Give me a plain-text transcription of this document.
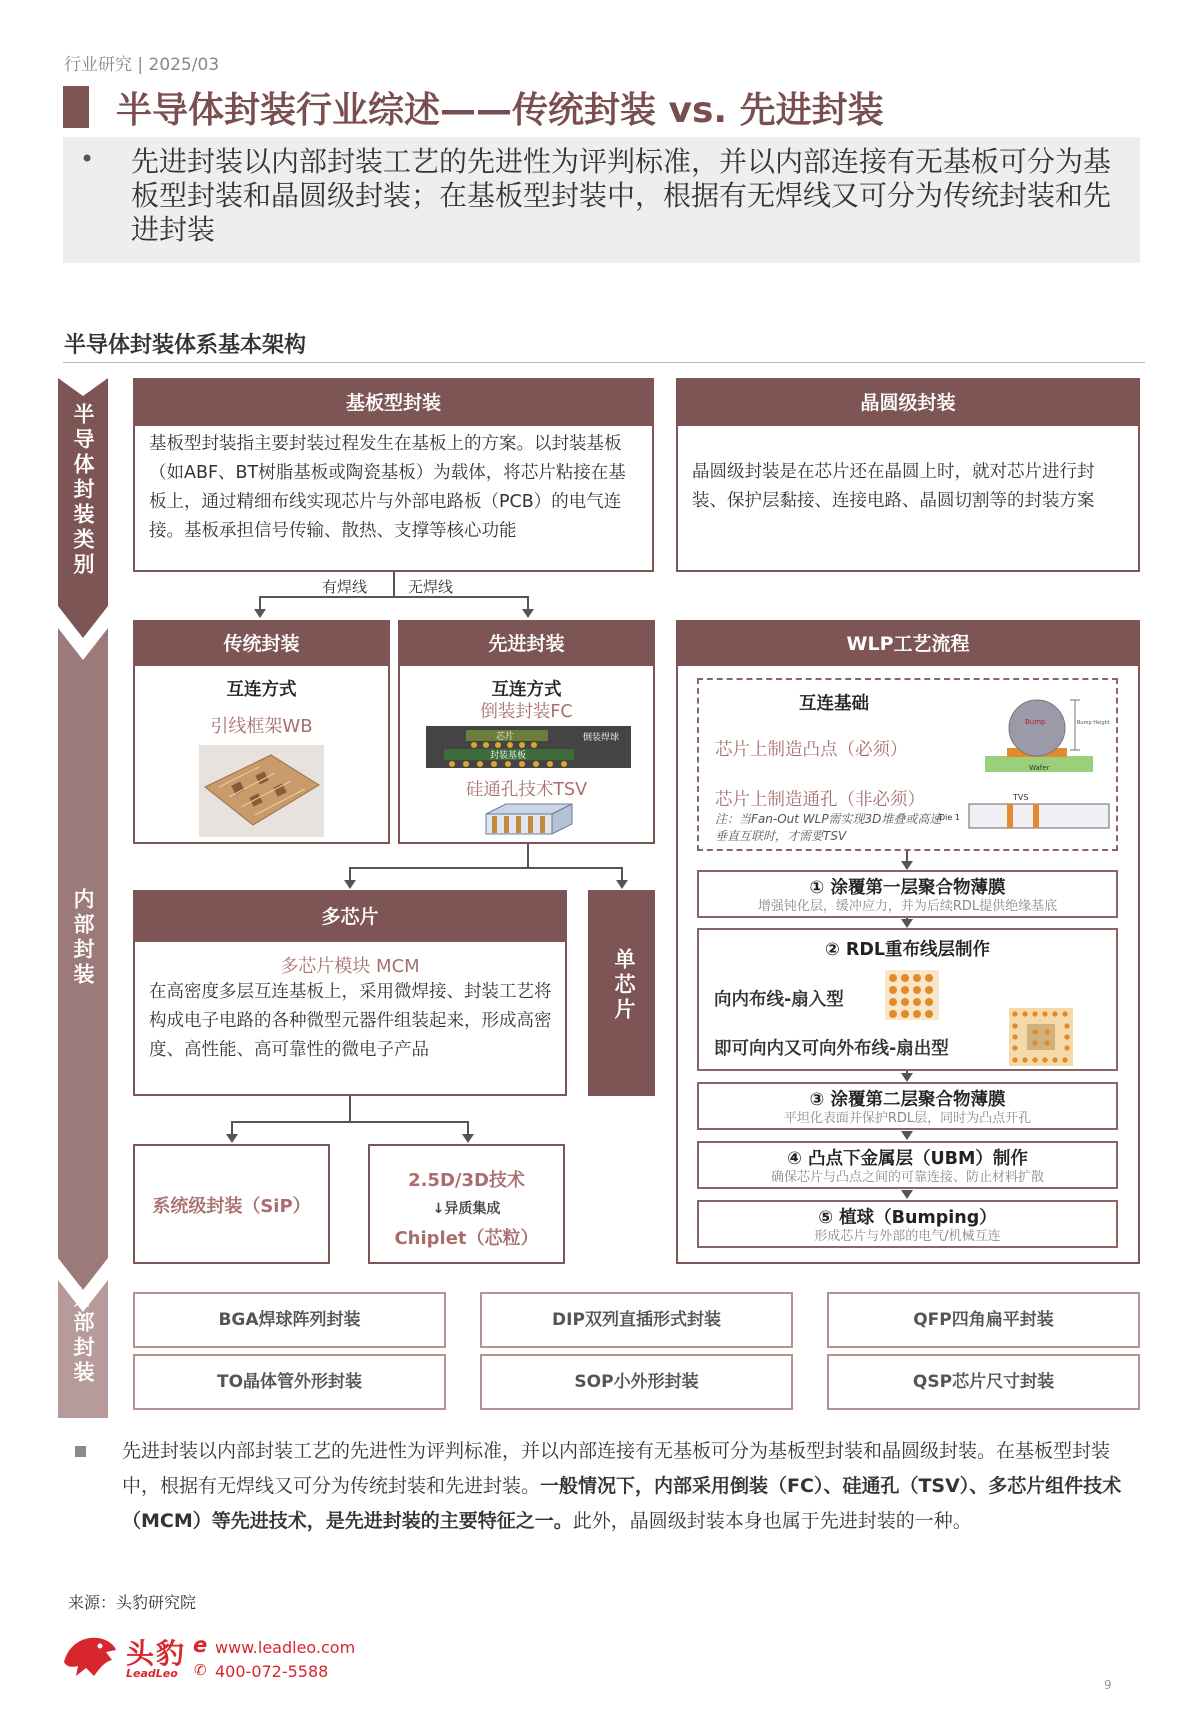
行业研究 | 2025/03
半导体封装行业综述——传统封装 vs. 先进封装
• 先进封装以内部封装工艺的先进性为评判标准，并以内部连接有无基板可分为基板型封装和晶圆级封装；在基板型封装中，根据有无焊线又可分为传统封装和先进封装
半导体封装体系基本架构
半导体封装类别
内部封装
外部封装
基板型封装
基板型封装指主要封装过程发生在基板上的方案。以封装基板（如ABF、BT树脂基板或陶瓷基板）为载体，将芯片粘接在基板上，通过精细布线实现芯片与外部电路板（PCB）的电气连接。基板承担信号传输、散热、支撑等核心功能
晶圆级封装
晶圆级封装是在芯片还在晶圆上时，就对芯片进行封装、保护层黏接、连接电路、晶圆切割等的封装方案
有焊线	无焊线
传统封装
互连方式
引线框架WB
先进封装
互连方式
倒装封装FC
芯片
封装基板
倒装焊球
硅通孔技术TSV
多芯片
多芯片模块 MCM
在高密度多层互连基板上，采用微焊接、封装工艺将构成电子电路的各种微型元器件组装起来，形成高密度、高性能、高可靠性的微电子产品
单芯片
系统级封装（SiP）
2.5D/3D技术
↓异质集成
Chiplet（芯粒）
WLP工艺流程
互连基础
芯片上制造凸点（必须）
芯片上制造通孔（非必须）
注：当Fan-Out WLP需实现3D堆叠或高速垂直互联时，才需要TSV
Bump
Wafer
Bump Height
TVS
Die 1
① 涂覆第一层聚合物薄膜
增强钝化层，缓冲应力，并为后续RDL提供绝缘基底
② RDL重布线层制作
向内布线-扇入型
即可向内又可向外布线-扇出型
③ 涂覆第二层聚合物薄膜
平坦化表面并保护RDL层，同时为凸点开孔
④ 凸点下金属层（UBM）制作
确保芯片与凸点之间的可靠连接、防止材料扩散
⑤ 植球（Bumping）
形成芯片与外部的电气/机械互连
BGA焊球阵列封装	DIP双列直插形式封装	QFP四角扁平封装
TO晶体管外形封装	SOP小外形封装	QSP芯片尺寸封装
先进封装以内部封装工艺的先进性为评判标准，并以内部连接有无基板可分为基板型封装和晶圆级封装。在基板型封装中，根据有无焊线又可分为传统封装和先进封装。一般情况下，内部采用倒装（FC）、硅通孔（TSV）、多芯片组件技术（MCM）等先进技术，是先进封装的主要特征之一。此外，晶圆级封装本身也属于先进封装的一种。
来源：头豹研究院
头豹
LeadLeo
e www.leadleo.com
✆ 400-072-5588
9
